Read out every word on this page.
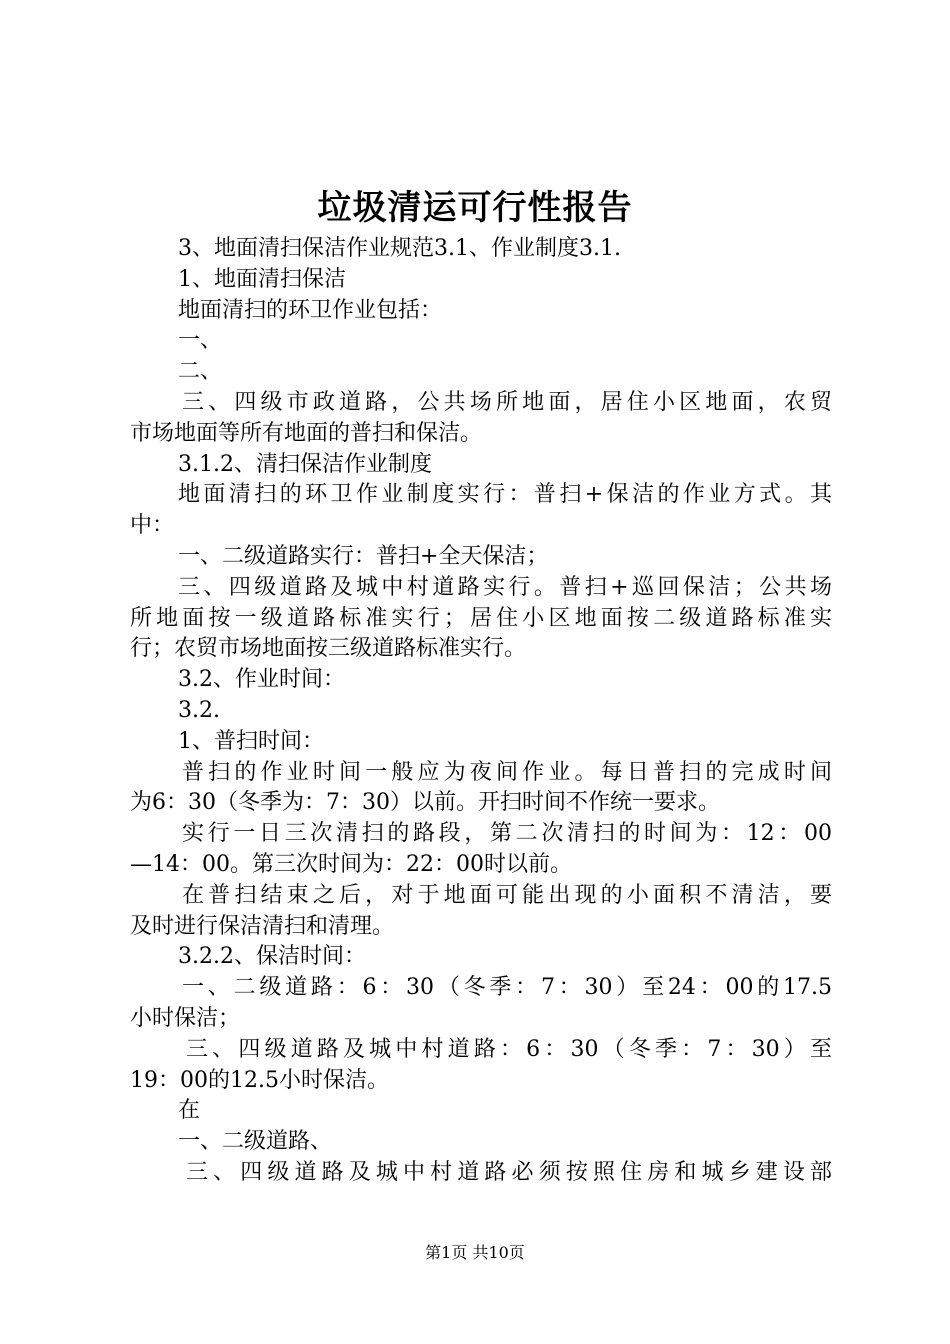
垃圾清运可行性报告
3、地面清扫保洁作业规范3.1、作业制度3.1.
1、地面清扫保洁
地面清扫的环卫作业包括：
一、
二、
三、四级市政道路，公共场所地面，居住小区地面，农贸
市场地面等所有地面的普扫和保洁。
3.1.2、清扫保洁作业制度
地面清扫的环卫作业制度实行：普扫+保洁的作业方式。其
中：
一、二级道路实行：普扫+全天保洁；
三、四级道路及城中村道路实行。普扫+巡回保洁；公共场
所地面按一级道路标准实行；居住小区地面按二级道路标准实
行；农贸市场地面按三级道路标准实行。
3.2、作业时间：
3.2.
1、普扫时间：
普扫的作业时间一般应为夜间作业。每日普扫的完成时间
为6：30（冬季为：7：30）以前。开扫时间不作统一要求。
实行一日三次清扫的路段，第二次清扫的时间为：12：00
—14：00。第三次时间为：22：00时以前。
在普扫结束之后，对于地面可能出现的小面积不清洁，要
及时进行保洁清扫和清理。
3.2.2、保洁时间：
一、二级道路：6：30（冬季：7：30）至24：00的17.5
小时保洁；
三、四级道路及城中村道路：6：30（冬季：7：30）至
19：00的12.5小时保洁。
在
一、二级道路、
三、四级道路及城中村道路必须按照住房和城乡建设部
第1页 共10页
